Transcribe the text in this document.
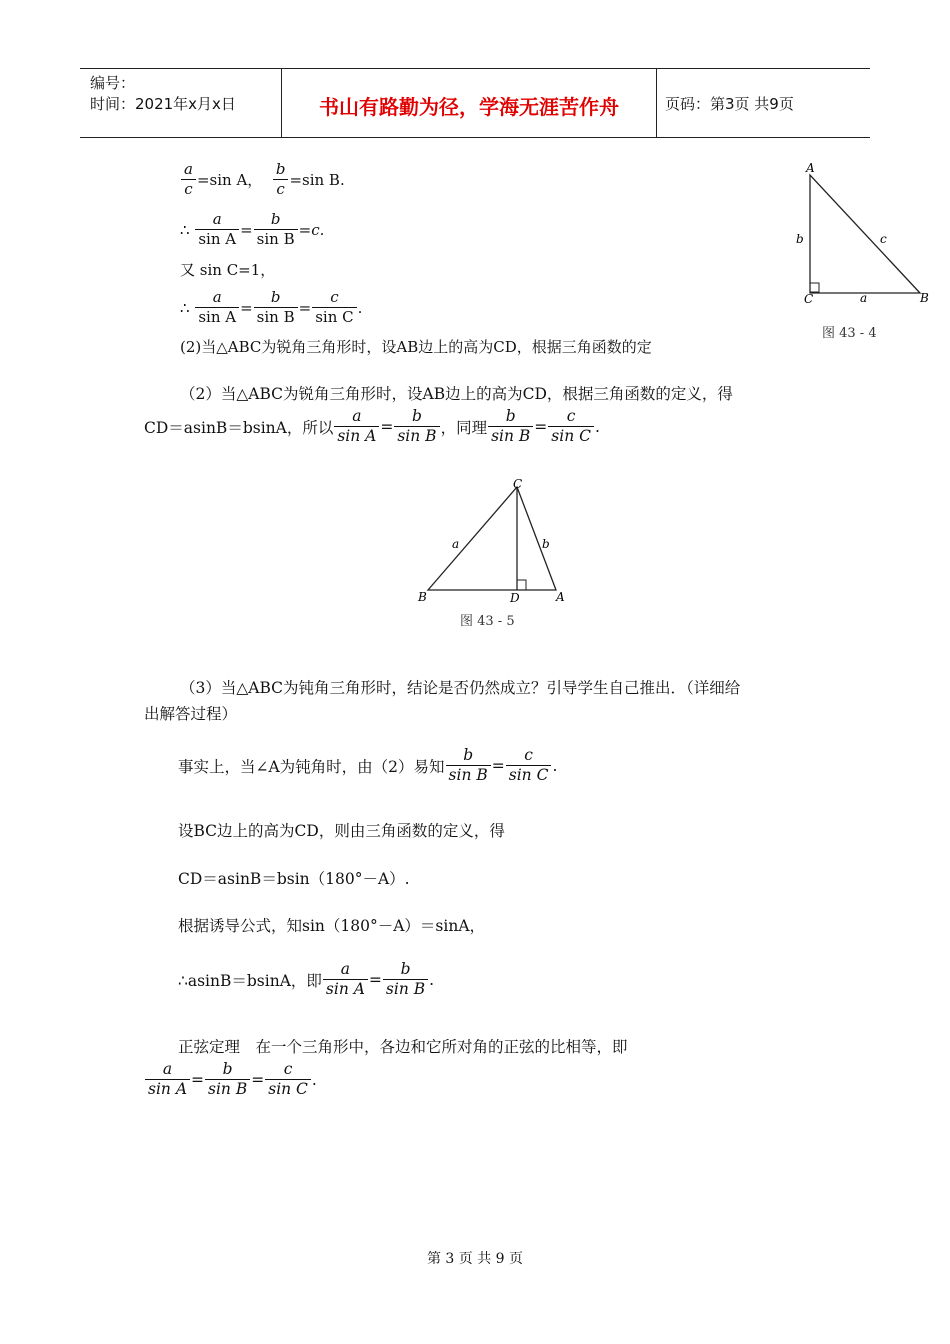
编号：
时间：2021年x月x日	书山有路勤为径，学海无涯苦作舟	页码：第3页 共9页
$\frac{a}{c} =\sin$ A， $\frac{b}{c} =\sin$ B.
∴ $\frac{a}{\text{sin A}} = \frac{b}{\text{sin B}} =c$.
又 sin C=1，
∴ $\frac{a}{\text{sin A}} = \frac{b}{\text{sin B}} = \frac{c}{\text{sin C}}$ .
(2)当△ABC为锐角三角形时，设AB边上的高为CD，根据三角函数的定
A
B
C
b	c
a
图 43 - 4
（2）当△ABC为锐角三角形时，设AB边上的高为CD，根据三角函数的定义，得
CD＝asinB＝bsinA，所以 $\frac{a}{\text{sin A}} = \frac{b}{\text{sin B}}$ ，同理 $\frac{b}{\text{sin B}} = \frac{c}{\text{sin C}}$ .
C
B	D	A
a	b
图 43 - 5
（3）当△ABC为钝角三角形时，结论是否仍然成立？引导学生自己推出．（详细给
出解答过程）
事实上，当∠A为钝角时，由（2）易知 $\frac{b}{\text{sin B}} = \frac{c}{\text{sin C}}$ .
设BC边上的高为CD，则由三角函数的定义，得
CD＝asinB＝bsin（180°－A）.
根据诱导公式，知sin（180°－A）＝sinA，
∴asinB＝bsinA，即 $\frac{a}{\text{sin A}} = \frac{b}{\text{sin B}}$ .
正弦定理　在一个三角形中，各边和它所对角的正弦的比相等，即
$\frac{a}{\text{sin A}} = \frac{b}{\text{sin B}} = \frac{c}{\text{sin C}}$ .
第 3 页 共 9 页
